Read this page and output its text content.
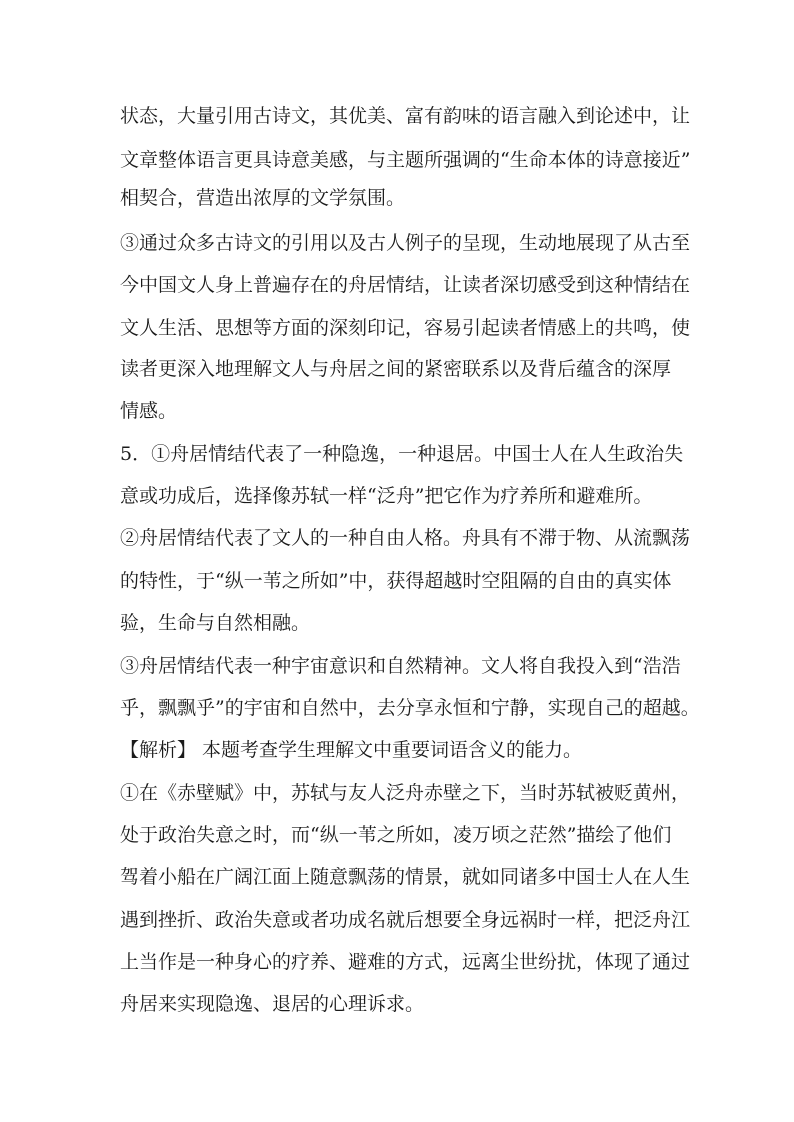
状态，大量引用古诗文，其优美、富有韵味的语言融入到论述中，让
文章整体语言更具诗意美感，与主题所强调的“生命本体的诗意接近”
相契合，营造出浓厚的文学氛围。
③通过众多古诗文的引用以及古人例子的呈现，生动地展现了从古至
今中国文人身上普遍存在的舟居情结，让读者深切感受到这种情结在
文人生活、思想等方面的深刻印记，容易引起读者情感上的共鸣，使
读者更深入地理解文人与舟居之间的紧密联系以及背后蕴含的深厚
情感。
5．①舟居情结代表了一种隐逸，一种退居。中国士人在人生政治失
意或功成后，选择像苏轼一样“泛舟”把它作为疗养所和避难所。
②舟居情结代表了文人的一种自由人格。舟具有不滞于物、从流飘荡
的特性，于“纵一苇之所如”中，获得超越时空阻隔的自由的真实体
验，生命与自然相融。
③舟居情结代表一种宇宙意识和自然精神。文人将自我投入到“浩浩
乎，飘飘乎”的宇宙和自然中，去分享永恒和宁静，实现自己的超越。
【解析】 本题考查学生理解文中重要词语含义的能力。
①在《赤壁赋》中，苏轼与友人泛舟赤壁之下，当时苏轼被贬黄州，
处于政治失意之时，而“纵一苇之所如，凌万顷之茫然”描绘了他们
驾着小船在广阔江面上随意飘荡的情景，就如同诸多中国士人在人生
遇到挫折、政治失意或者功成名就后想要全身远祸时一样，把泛舟江
上当作是一种身心的疗养、避难的方式，远离尘世纷扰，体现了通过
舟居来实现隐逸、退居的心理诉求。
